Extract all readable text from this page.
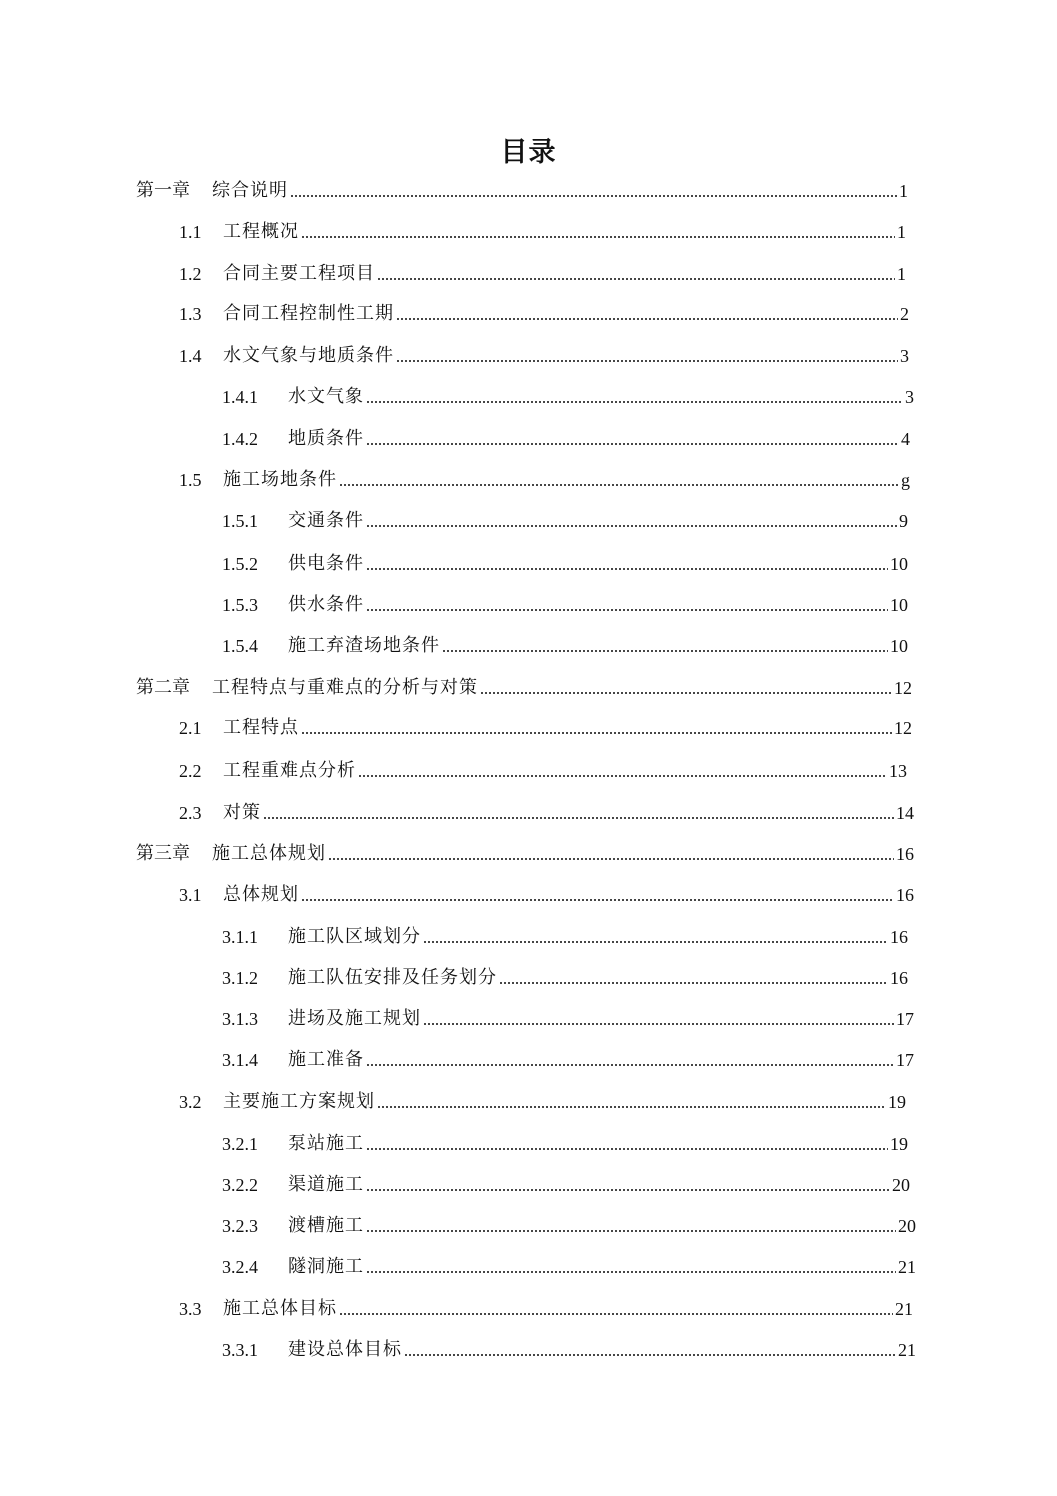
目录
第一章	综合说明	1
1.1	工程概况	1
1.2	合同主要工程项目	1
1.3	合同工程控制性工期	2
1.4	水文气象与地质条件	3
1.4.1	水文气象	3
1.4.2	地质条件	4
1.5	施工场地条件	g
1.5.1	交通条件	9
1.5.2	供电条件	10
1.5.3	供水条件	10
1.5.4	施工弃渣场地条件	10
第二章	工程特点与重难点的分析与对策	12
2.1	工程特点	12
2.2	工程重难点分析	13
2.3	对策	14
第三章	施工总体规划	16
3.1	总体规划	16
3.1.1	施工队区域划分	16
3.1.2	施工队伍安排及任务划分	16
3.1.3	进场及施工规划	17
3.1.4	施工准备	17
3.2	主要施工方案规划	19
3.2.1	泵站施工	19
3.2.2	渠道施工	20
3.2.3	渡槽施工	20
3.2.4	隧洞施工	21
3.3	施工总体目标	21
3.3.1	建设总体目标	21
